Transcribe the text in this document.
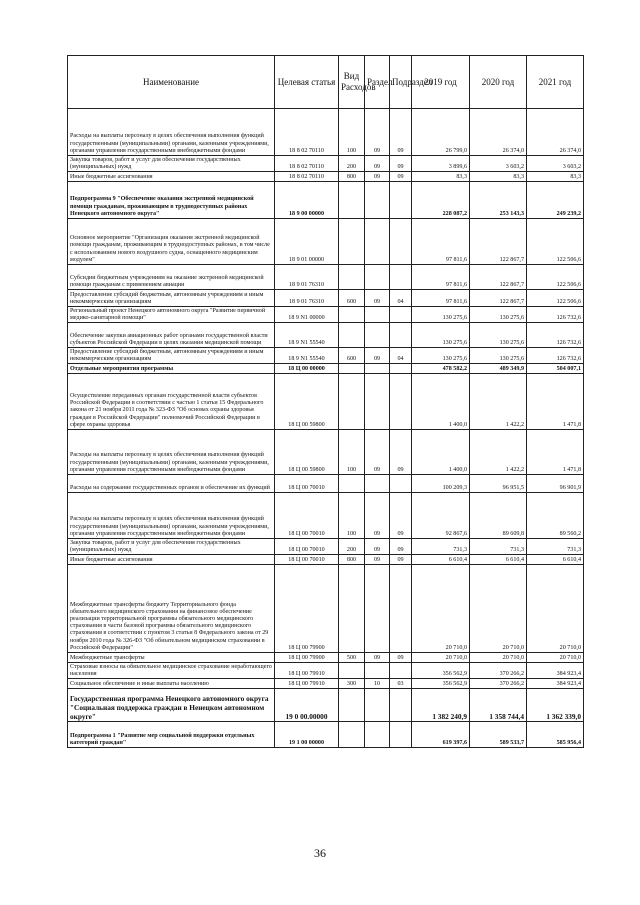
Наименование	Целевая статья	Вид Расходов	Раздел	Подраздел	2019 год	2020 год	2021 год
Расходы на выплаты персоналу в целях обеспечения выполнения функций государственными (муниципальными) органами, казенными учреждениями, органами управления государственными внебюджетными фондами	18 8 02 70110	100	09	09	26 799,0	26 374,0	26 374,0
Закупка товаров, работ и услуг для обеспечения государственных (муниципальных) нужд	18 8 02 70110	200	09	09	3 899,6	3 603,2	3 603,2
Иные бюджетные ассигнования	18 8 02 70110	800	09	09	83,3	83,3	83,3
Подпрограмма 9 "Обеспечение оказания экстренной медицинской помощи гражданам, проживающим в труднодоступных районах Ненецкого автономного округа"	18 9 00 00000				228 087,2	253 143,3	249 239,2
Основное мероприятие "Организация оказания экстренной медицинской помощи гражданам, проживающим в труднодоступных районах, в том числе с использованием нового воздушного судна, оснащенного медицинским модулем"	18 9 01 00000				97 811,6	122 867,7	122 506,6
Субсидии бюджетным учреждениям на оказание экстренной медицинской помощи гражданам с применением авиации	18 9 01 76310				97 811,6	122 867,7	122 506,6
Предоставление субсидий бюджетным, автономным учреждениям и иным некоммерческим организациям	18 9 01 76310	600	09	04	97 811,6	122 867,7	122 506,6
Региональный проект Ненецкого автономного округа "Развитие первичной медико-санитарной помощи"	18 9 N1 00000				130 275,6	130 275,6	126 732,6
Обеспечение закупки авиационных работ органами государственной власти субъектов Российской Федерации в целях оказания медицинской помощи	18 9 N1 55540				130 275,6	130 275,6	126 732,6
Предоставление субсидий бюджетным, автономным учреждениям и иным некоммерческим организациям	18 9 N1 55540	600	09	04	130 275,6	130 275,6	126 732,6
Отдельные мероприятия программы	18 Ц 00 00000				478 582,2	489 349,9	504 007,1
Осуществление переданных органам государственной власти субъектов Российской Федерации в соответствии с частью 1 статьи 15 Федерального закона от 21 ноября 2011 года № 323-ФЗ "Об основах охраны здоровья граждан в Российской Федерации" полномочий Российской Федерации в сфере охраны здоровья	18 Ц 00 59800				1 400,0	1 422,2	1 471,8
Расходы на выплаты персоналу в целях обеспечения выполнения функций государственными (муниципальными) органами, казенными учреждениями, органами управления государственными внебюджетными фондами	18 Ц 00 59800	100	09	09	1 400,0	1 422,2	1 471,8
Расходы на содержание государственных органов и обеспечение их функций	18 Ц 00 70010				100 209,3	96 951,5	96 901,9
Расходы на выплаты персоналу в целях обеспечения выполнения функций государственными (муниципальными) органами, казенными учреждениями, органами управления государственными внебюджетными фондами	18 Ц 00 70010	100	09	09	92 867,6	89 609,8	89 560,2
Закупка товаров, работ и услуг для обеспечения государственных (муниципальных) нужд	18 Ц 00 70010	200	09	09	731,3	731,3	731,3
Иные бюджетные ассигнования	18 Ц 00 70010	800	09	09	6 610,4	6 610,4	6 610,4
Межбюджетные трансферты бюджету Территориального фонда обязательного медицинского страхования на финансовое обеспечение реализации территориальной программы обязательного медицинского страхования в части базовой программы обязательного медицинского страхования в соответствии с пунктом 3 статьи 8 Федерального закона от 29 ноября 2010 года № 326-ФЗ "Об обязательном медицинском страховании в Российской Федерации"	18 Ц 00 79900				20 710,0	20 710,0	20 710,0
Межбюджетные трансферты	18 Ц 00 79900	500	09	09	20 710,0	20 710,0	20 710,0
Страховые взносы на обязательное медицинское страхование неработающего населения	18 Ц 00 79910				356 562,9	370 266,2	384 923,4
Социальное обеспечение и иные выплаты населению	18 Ц 00 79910	300	10	03	356 562,9	370 266,2	384 923,4
Государственная программа Ненецкого автономного округа "Социальная поддержка граждан в Ненецком автономном округе"	19 0 00.00000				1 382 240,9	1 358 744,4	1 362 339,0
Подпрограмма 1 "Развитие мер социальной поддержки отдельных категорий граждан"	19 1 00 00000				619 397,6	589 533,7	585 956,4
36
